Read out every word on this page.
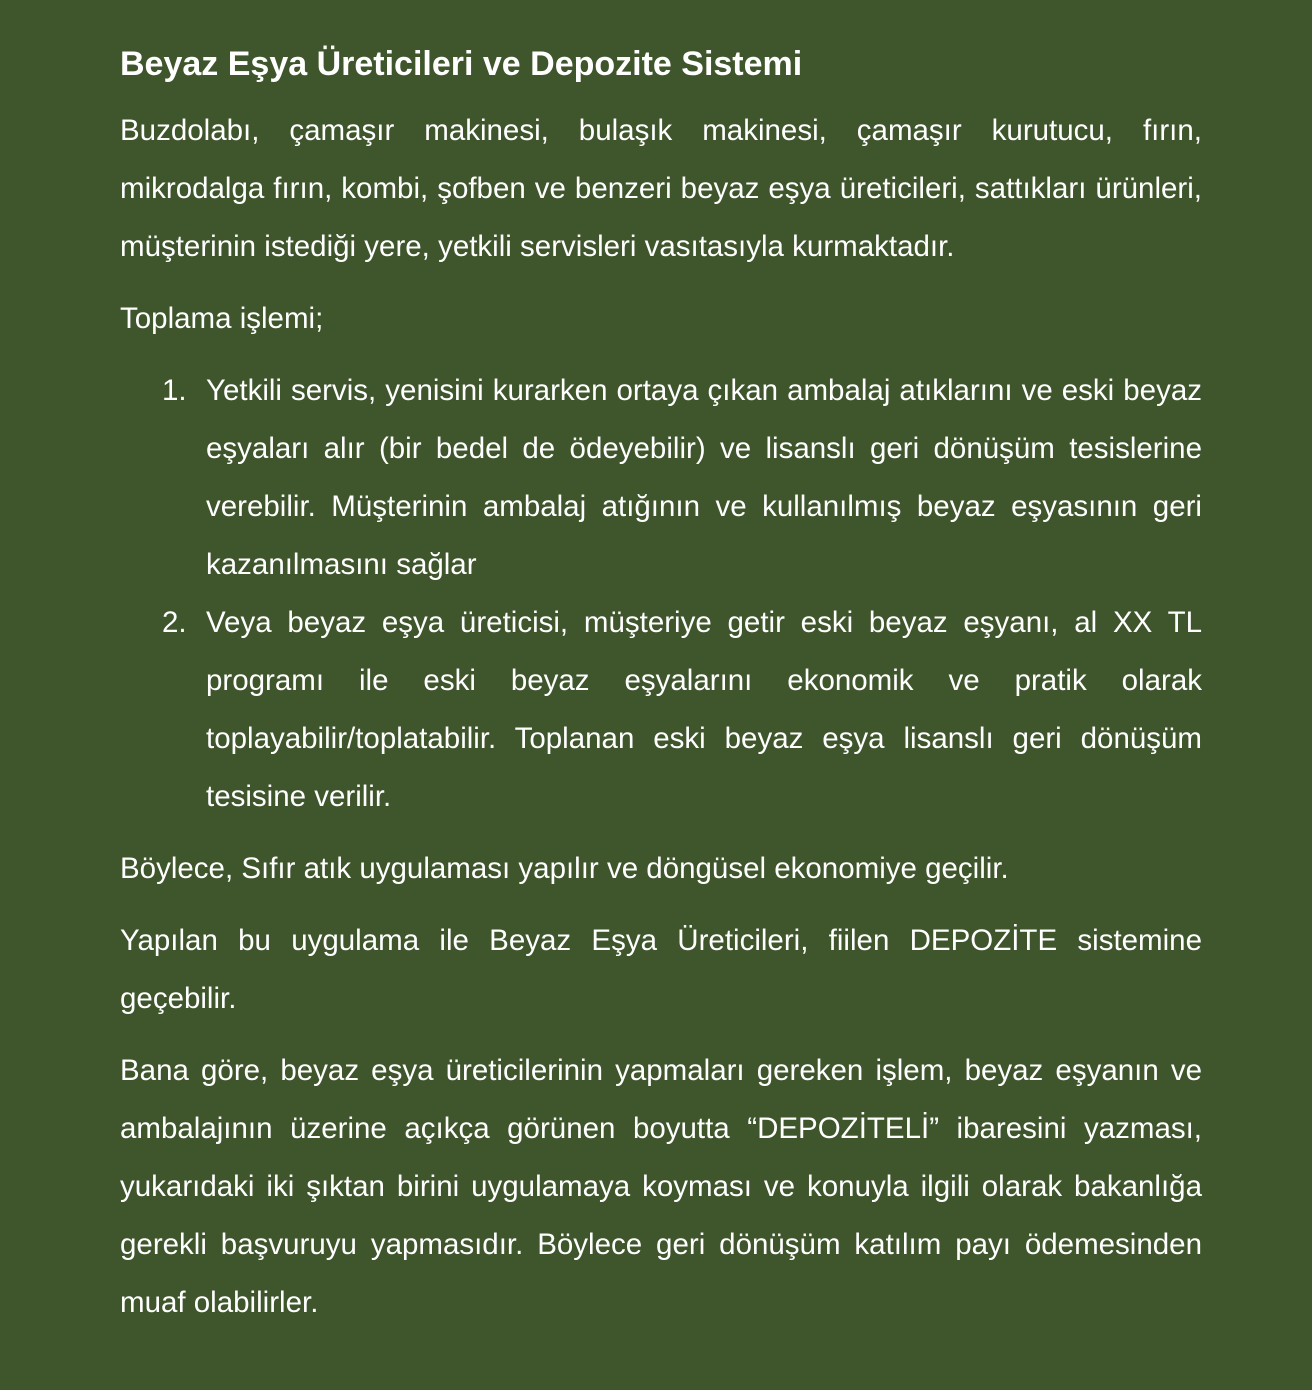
Beyaz Eşya Üreticileri ve Depozite Sistemi

Buzdolabı, çamaşır makinesi, bulaşık makinesi, çamaşır kurutucu, fırın, mikrodalga fırın, kombi, şofben ve benzeri beyaz eşya üreticileri, sattıkları ürünleri, müşterinin istediği yere, yetkili servisleri vasıtasıyla kurmaktadır.

Toplama işlemi;

1. Yetkili servis, yenisini kurarken ortaya çıkan ambalaj atıklarını ve eski beyaz eşyaları alır (bir bedel de ödeyebilir) ve lisanslı geri dönüşüm tesislerine verebilir. Müşterinin ambalaj atığının ve kullanılmış beyaz eşyasının geri kazanılmasını sağlar
2. Veya beyaz eşya üreticisi, müşteriye getir eski beyaz eşyanı, al XX TL programı ile eski beyaz eşyalarını ekonomik ve pratik olarak toplayabilir/toplatabilir. Toplanan eski beyaz eşya lisanslı geri dönüşüm tesisine verilir.

Böylece, Sıfır atık uygulaması yapılır ve döngüsel ekonomiye geçilir.

Yapılan bu uygulama ile Beyaz Eşya Üreticileri, fiilen DEPOZİTE sistemine geçebilir.

Bana göre, beyaz eşya üreticilerinin yapmaları gereken işlem, beyaz eşyanın ve ambalajının üzerine açıkça görünen boyutta “DEPOZİTELİ” ibaresini yazması, yukarıdaki iki şıktan birini uygulamaya koyması ve konuyla ilgili olarak bakanlığa gerekli başvuruyu yapmasıdır. Böylece geri dönüşüm katılım payı ödemesinden muaf olabilirler.
